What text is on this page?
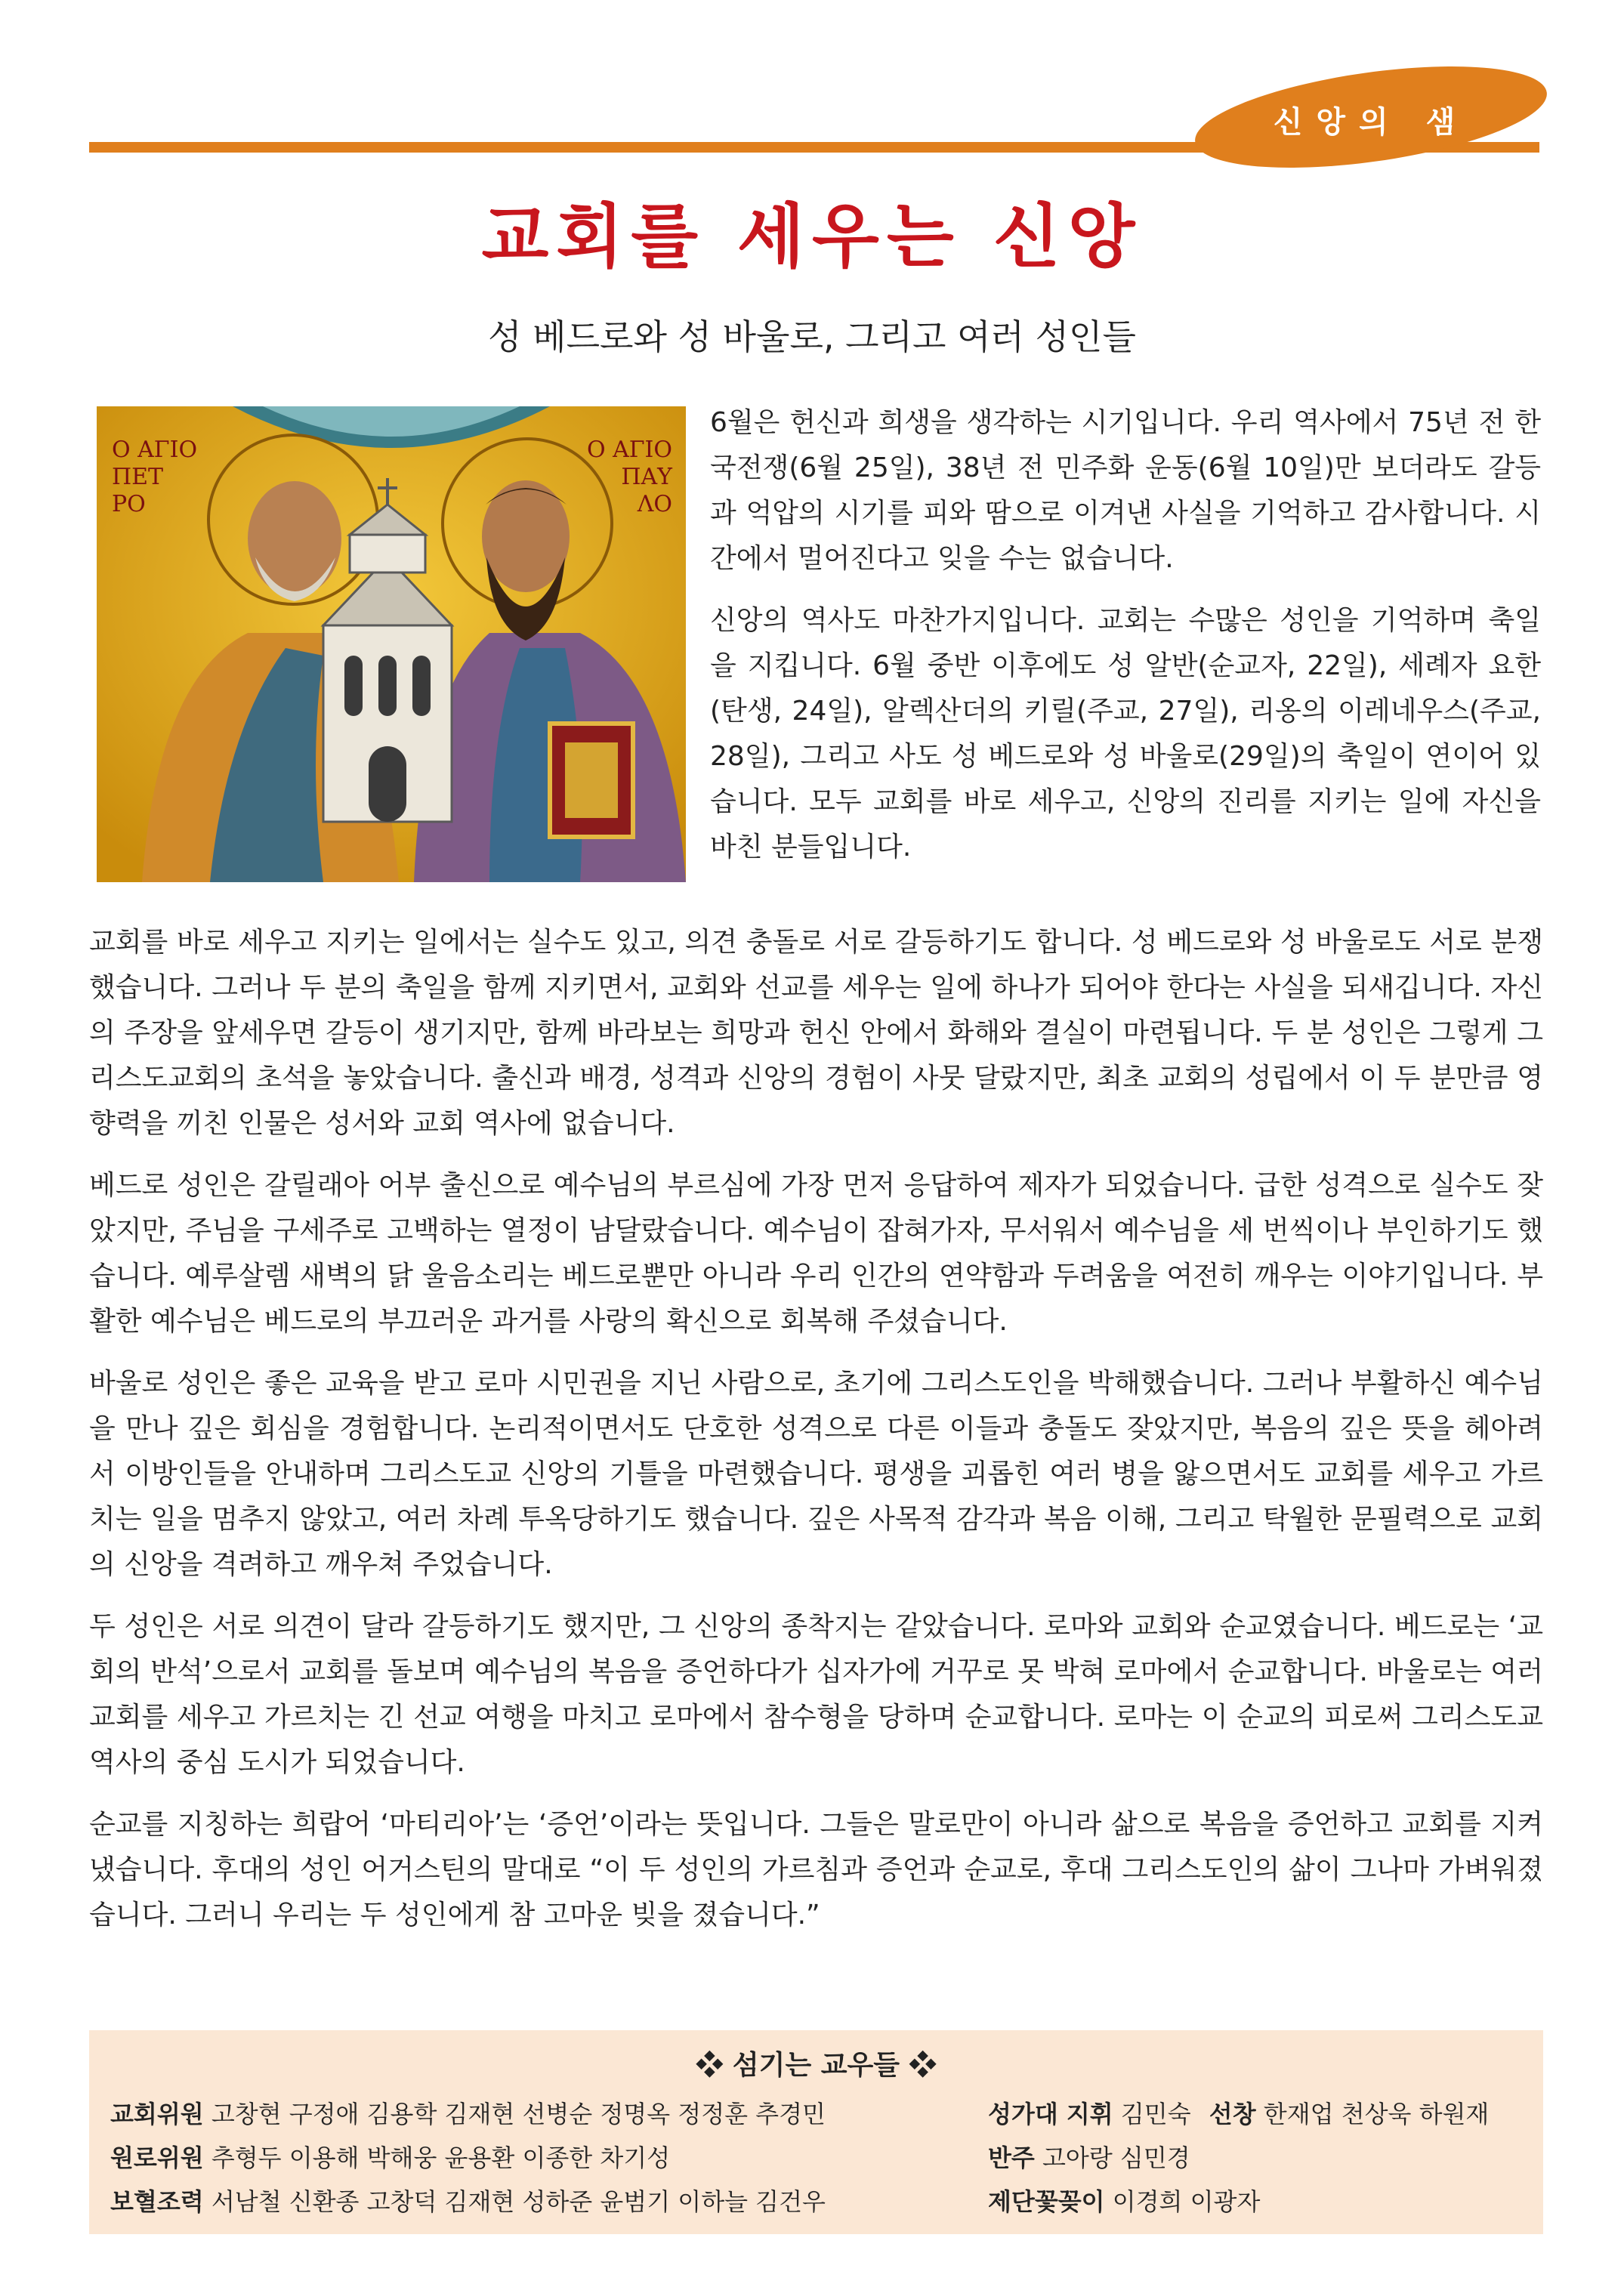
신앙의 샘
교회를 세우는 신앙
성 베드로와 성 바울로, 그리고 여러 성인들
Ο ΑΓΙΟ
ΠΕΤ
ΡΟ
Ο ΑΓΙΟ
ΠΑΥ
ΛΟ

6월은 헌신과 희생을 생각하는 시기입니다. 우리 역사에서 75년 전 한국전쟁(6월 25일), 38년 전 민주화 운동(6월 10일)만 보더라도 갈등과 억압의 시기를 피와 땀으로 이겨낸 사실을 기억하고 감사합니다. 시간에서 멀어진다고 잊을 수는 없습니다.

신앙의 역사도 마찬가지입니다. 교회는 수많은 성인을 기억하며 축일을 지킵니다. 6월 중반 이후에도 성 알반(순교자, 22일), 세례자 요한(탄생, 24일), 알렉산더의 키릴(주교, 27일), 리옹의 이레네우스(주교, 28일), 그리고 사도 성 베드로와 성 바울로(29일)의 축일이 연이어 있습니다. 모두 교회를 바로 세우고, 신앙의 진리를 지키는 일에 자신을 바친 분들입니다.

교회를 바로 세우고 지키는 일에서는 실수도 있고, 의견 충돌로 서로 갈등하기도 합니다. 성 베드로와 성 바울로도 서로 분쟁했습니다. 그러나 두 분의 축일을 함께 지키면서, 교회와 선교를 세우는 일에 하나가 되어야 한다는 사실을 되새깁니다. 자신의 주장을 앞세우면 갈등이 생기지만, 함께 바라보는 희망과 헌신 안에서 화해와 결실이 마련됩니다. 두 분 성인은 그렇게 그리스도교회의 초석을 놓았습니다. 출신과 배경, 성격과 신앙의 경험이 사뭇 달랐지만, 최초 교회의 성립에서 이 두 분만큼 영향력을 끼친 인물은 성서와 교회 역사에 없습니다.

베드로 성인은 갈릴래아 어부 출신으로 예수님의 부르심에 가장 먼저 응답하여 제자가 되었습니다. 급한 성격으로 실수도 잦았지만, 주님을 구세주로 고백하는 열정이 남달랐습니다. 예수님이 잡혀가자, 무서워서 예수님을 세 번씩이나 부인하기도 했습니다. 예루살렘 새벽의 닭 울음소리는 베드로뿐만 아니라 우리 인간의 연약함과 두려움을 여전히 깨우는 이야기입니다. 부활한 예수님은 베드로의 부끄러운 과거를 사랑의 확신으로 회복해 주셨습니다.

바울로 성인은 좋은 교육을 받고 로마 시민권을 지닌 사람으로, 초기에 그리스도인을 박해했습니다. 그러나 부활하신 예수님을 만나 깊은 회심을 경험합니다. 논리적이면서도 단호한 성격으로 다른 이들과 충돌도 잦았지만, 복음의 깊은 뜻을 헤아려서 이방인들을 안내하며 그리스도교 신앙의 기틀을 마련했습니다. 평생을 괴롭힌 여러 병을 앓으면서도 교회를 세우고 가르치는 일을 멈추지 않았고, 여러 차례 투옥당하기도 했습니다. 깊은 사목적 감각과 복음 이해, 그리고 탁월한 문필력으로 교회의 신앙을 격려하고 깨우쳐 주었습니다.

두 성인은 서로 의견이 달라 갈등하기도 했지만, 그 신앙의 종착지는 같았습니다. 로마와 교회와 순교였습니다. 베드로는 ‘교회의 반석’으로서 교회를 돌보며 예수님의 복음을 증언하다가 십자가에 거꾸로 못 박혀 로마에서 순교합니다. 바울로는 여러 교회를 세우고 가르치는 긴 선교 여행을 마치고 로마에서 참수형을 당하며 순교합니다. 로마는 이 순교의 피로써 그리스도교 역사의 중심 도시가 되었습니다.

순교를 지칭하는 희랍어 ‘마티리아’는 ‘증언’이라는 뜻입니다. 그들은 말로만이 아니라 삶으로 복음을 증언하고 교회를 지켜냈습니다. 후대의 성인 어거스틴의 말대로 “이 두 성인의 가르침과 증언과 순교로, 후대 그리스도인의 삶이 그나마 가벼워졌습니다. 그러니 우리는 두 성인에게 참 고마운 빚을 졌습니다.”

❖ 섬기는 교우들 ❖
교회위원 고창현 구정애 김용학 김재현 선병순 정명옥 정정훈 추경민
원로위원 추형두 이용해 박해웅 윤용환 이종한 차기성
보혈조력 서남철 신환종 고창덕 김재현 성하준 윤범기 이하늘 김건우
성가대 지휘 김민숙 선창 한재업 천상욱 하원재
반주 고아랑 심민경
제단꽃꽂이 이경희 이광자
